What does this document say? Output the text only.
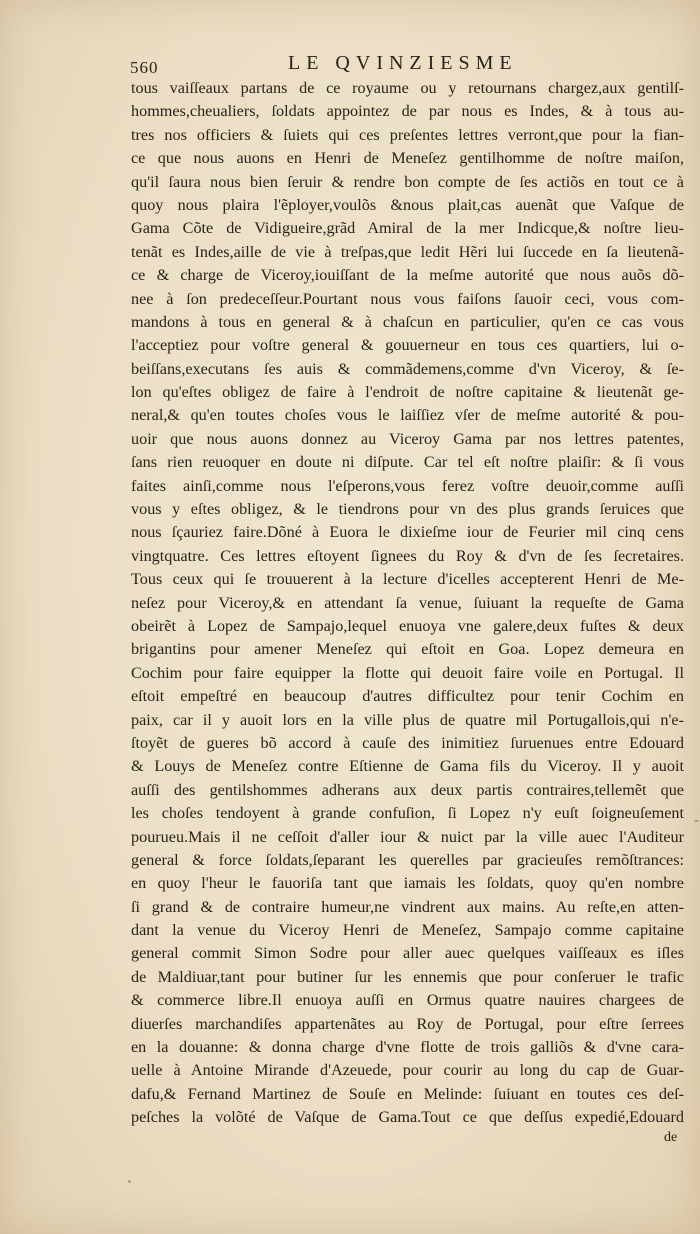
560	LE QVINZIESME
tous vaiſſeaux partans de ce royaume ou y retournans chargez,aux gentilſ-
hommes,cheualiers, ſoldats appointez de par nous es Indes, & à tous au-
tres nos officiers & ſuiets qui ces preſentes lettres verront,que pour la fian-
ce que nous auons en Henri de Meneſez gentilhomme de noſtre maiſon,
qu'il ſaura nous bien ſeruir & rendre bon compte de ſes actiõs en tout ce à
quoy nous plaira l'ẽployer,voulõs &nous plait,cas auenãt que Vaſque de
Gama Cõte de Vidigueire,grãd Amiral de la mer Indicque,& noſtre lieu-
tenãt es Indes,aille de vie à treſpas,que ledit Hẽri lui ſuccede en ſa lieutenã-
ce & charge de Viceroy,iouiſſant de la meſme autorité que nous auõs dõ-
nee à ſon predeceſſeur.Pourtant nous vous faiſons ſauoir ceci, vous com-
mandons à tous en general & à chaſcun en particulier, qu'en ce cas vous
l'acceptiez pour voſtre general & gouuerneur en tous ces quartiers, lui o-
beiſſans,executans ſes auis & commãdemens,comme d'vn Viceroy, & ſe-
lon qu'eſtes obligez de faire à l'endroit de noſtre capitaine & lieutenãt ge-
neral,& qu'en toutes choſes vous le laiſſiez vſer de meſme autorité & pou-
uoir que nous auons donnez au Viceroy Gama par nos lettres patentes,
ſans rien reuoquer en doute ni diſpute. Car tel eſt noſtre plaiſir: & ſi vous
faites ainſi,comme nous l'eſperons,vous ferez voſtre deuoir,comme auſſi
vous y eſtes obligez, & le tiendrons pour vn des plus grands ſeruices que
nous ſçauriez faire.Dõné à Euora le dixieſme iour de Feurier mil cinq cens
vingtquatre. Ces lettres eſtoyent ſignees du Roy & d'vn de ſes ſecretaires.
Tous ceux qui ſe trouuerent à la lecture d'icelles accepterent Henri de Me-
neſez pour Viceroy,& en attendant ſa venue, ſuiuant la requeſte de Gama
obeirẽt à Lopez de Sampajo,lequel enuoya vne galere,deux fuſtes & deux
brigantins pour amener Meneſez qui eſtoit en Goa. Lopez demeura en
Cochim pour faire equipper la flotte qui deuoit faire voile en Portugal. Il
eſtoit empeſtré en beaucoup d'autres difficultez pour tenir Cochim en
paix, car il y auoit lors en la ville plus de quatre mil Portugallois,qui n'e-
ſtoyẽt de gueres bõ accord à cauſe des inimitiez ſuruenues entre Edouard
& Louys de Meneſez contre Eſtienne de Gama fils du Viceroy. Il y auoit
auſſi des gentilshommes adherans aux deux partis contraires,tellemẽt que
les choſes tendoyent à grande confuſion, ſi Lopez n'y euſt ſoigneuſement
pourueu.Mais il ne ceſſoit d'aller iour & nuict par la ville auec l'Auditeur
general & force ſoldats,ſeparant les querelles par gracieuſes remõſtrances:
en quoy l'heur le fauoriſa tant que iamais les ſoldats, quoy qu'en nombre
ſi grand & de contraire humeur,ne vindrent aux mains. Au reſte,en atten-
dant la venue du Viceroy Henri de Meneſez, Sampajo comme capitaine
general commit Simon Sodre pour aller auec quelques vaiſſeaux es iſles
de Maldiuar,tant pour butiner ſur les ennemis que pour conſeruer le trafic
& commerce libre.Il enuoya auſſi en Ormus quatre nauires chargees de
diuerſes marchandiſes appartenãtes au Roy de Portugal, pour eſtre ſerrees
en la douanne: & donna charge d'vne flotte de trois galliõs & d'vne cara-
uelle à Antoine Mirande d'Azeuede, pour courir au long du cap de Guar-
dafu,& Fernand Martinez de Souſe en Melinde: ſuiuant en toutes ces deſ-
peſches la volõté de Vaſque de Gama.Tout ce que deſſus expedié,Edouard
de
